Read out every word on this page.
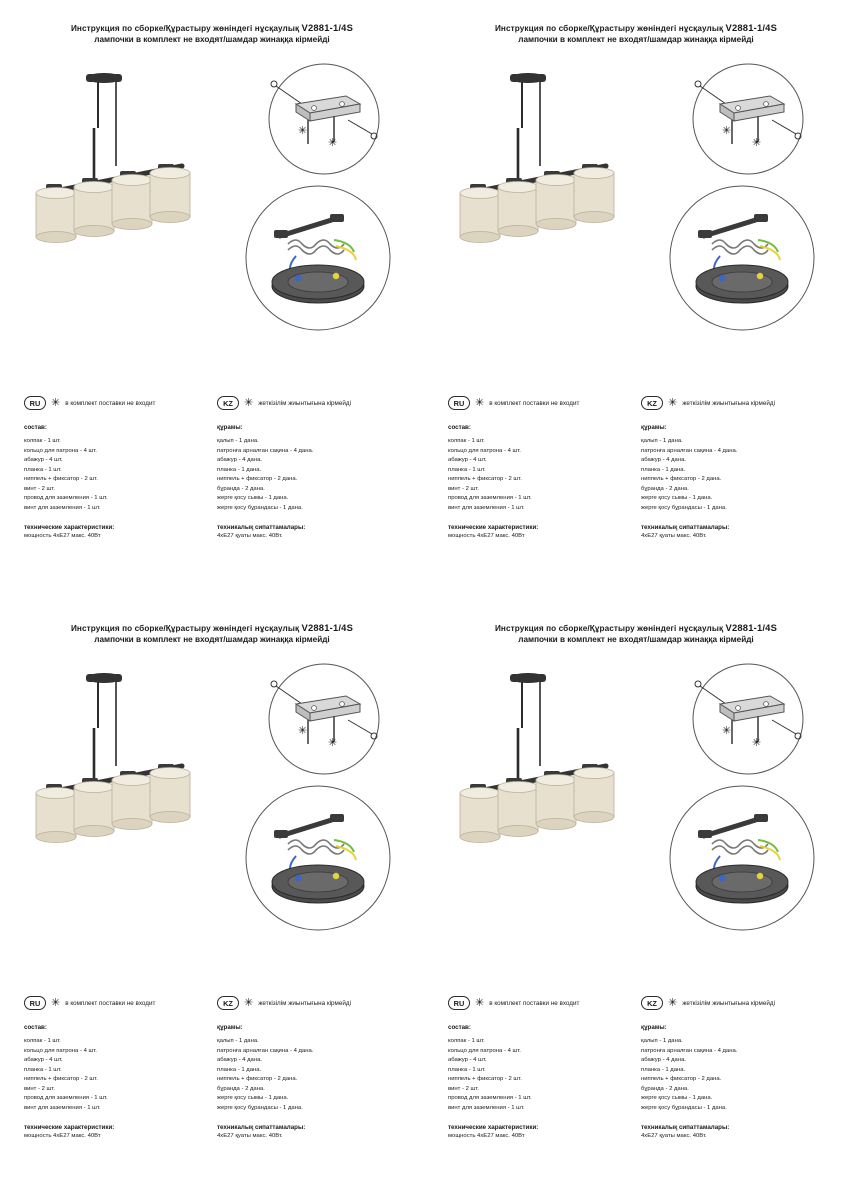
Инструкция по сборке/Құрастыру жөніндегі нұсқаулық V2881-1/4S
лампочки в комплект не входят/шамдар жинаққа кірмейді
✳
✳
RU ✳ в комплект поставки не входит	KZ	✳ жеткізілім жиынтығына кірмейді
состав:
колпак - 1 шт.
кольцо для патрона - 4 шт.
абажур - 4 шт.
планка - 1 шт.
ниппель + фиксатор - 2 шт.
винт - 2 шт.
провод для заземления - 1 шт.
винт для заземления - 1 шт.
технические характеристики:
мощность 4хЕ27 макс. 40Вт
құрамы:
қалып - 1 дана.
патронға арналған сақина - 4 дана.
абажур - 4 дана.
планка - 1 дана.
ниппель + фиксатор - 2 дана.
бұранда - 2 дана.
жерге қосу сымы - 1 дана.
жерге қосу бұрандасы - 1 дана.
техникалық сипаттамалары:
4хЕ27 қуаты макс. 40Вт.
Инструкция по сборке/Құрастыру жөніндегі нұсқаулық V2881-1/4S
лампочки в комплект не входят/шамдар жинаққа кірмейді
✳
✳
RU ✳ в комплект поставки не входит	KZ	✳ жеткізілім жиынтығына кірмейді
состав:
колпак - 1 шт.
кольцо для патрона - 4 шт.
абажур - 4 шт.
планка - 1 шт.
ниппель + фиксатор - 2 шт.
винт - 2 шт.
провод для заземления - 1 шт.
винт для заземления - 1 шт.
технические характеристики:
мощность 4хЕ27 макс. 40Вт
құрамы:
қалып - 1 дана.
патронға арналған сақина - 4 дана.
абажур - 4 дана.
планка - 1 дана.
ниппель + фиксатор - 2 дана.
бұранда - 2 дана.
жерге қосу сымы - 1 дана.
жерге қосу бұрандасы - 1 дана.
техникалық сипаттамалары:
4хЕ27 қуаты макс. 40Вт.
Инструкция по сборке/Құрастыру жөніндегі нұсқаулық V2881-1/4S
лампочки в комплект не входят/шамдар жинаққа кірмейді
✳
✳
RU ✳ в комплект поставки не входит	KZ	✳ жеткізілім жиынтығына кірмейді
состав:
колпак - 1 шт.
кольцо для патрона - 4 шт.
абажур - 4 шт.
планка - 1 шт.
ниппель + фиксатор - 2 шт.
винт - 2 шт.
провод для заземления - 1 шт.
винт для заземления - 1 шт.
технические характеристики:
мощность 4хЕ27 макс. 40Вт
құрамы:
қалып - 1 дана.
патронға арналған сақина - 4 дана.
абажур - 4 дана.
планка - 1 дана.
ниппель + фиксатор - 2 дана.
бұранда - 2 дана.
жерге қосу сымы - 1 дана.
жерге қосу бұрандасы - 1 дана.
техникалық сипаттамалары:
4хЕ27 қуаты макс. 40Вт.
Инструкция по сборке/Құрастыру жөніндегі нұсқаулық V2881-1/4S
лампочки в комплект не входят/шамдар жинаққа кірмейді
✳
✳
RU ✳ в комплект поставки не входит	KZ	✳ жеткізілім жиынтығына кірмейді
состав:
колпак - 1 шт.
кольцо для патрона - 4 шт.
абажур - 4 шт.
планка - 1 шт.
ниппель + фиксатор - 2 шт.
винт - 2 шт.
провод для заземления - 1 шт.
винт для заземления - 1 шт.
технические характеристики:
мощность 4хЕ27 макс. 40Вт
құрамы:
қалып - 1 дана.
патронға арналған сақина - 4 дана.
абажур - 4 дана.
планка - 1 дана.
ниппель + фиксатор - 2 дана.
бұранда - 2 дана.
жерге қосу сымы - 1 дана.
жерге қосу бұрандасы - 1 дана.
техникалық сипаттамалары:
4хЕ27 қуаты макс. 40Вт.
